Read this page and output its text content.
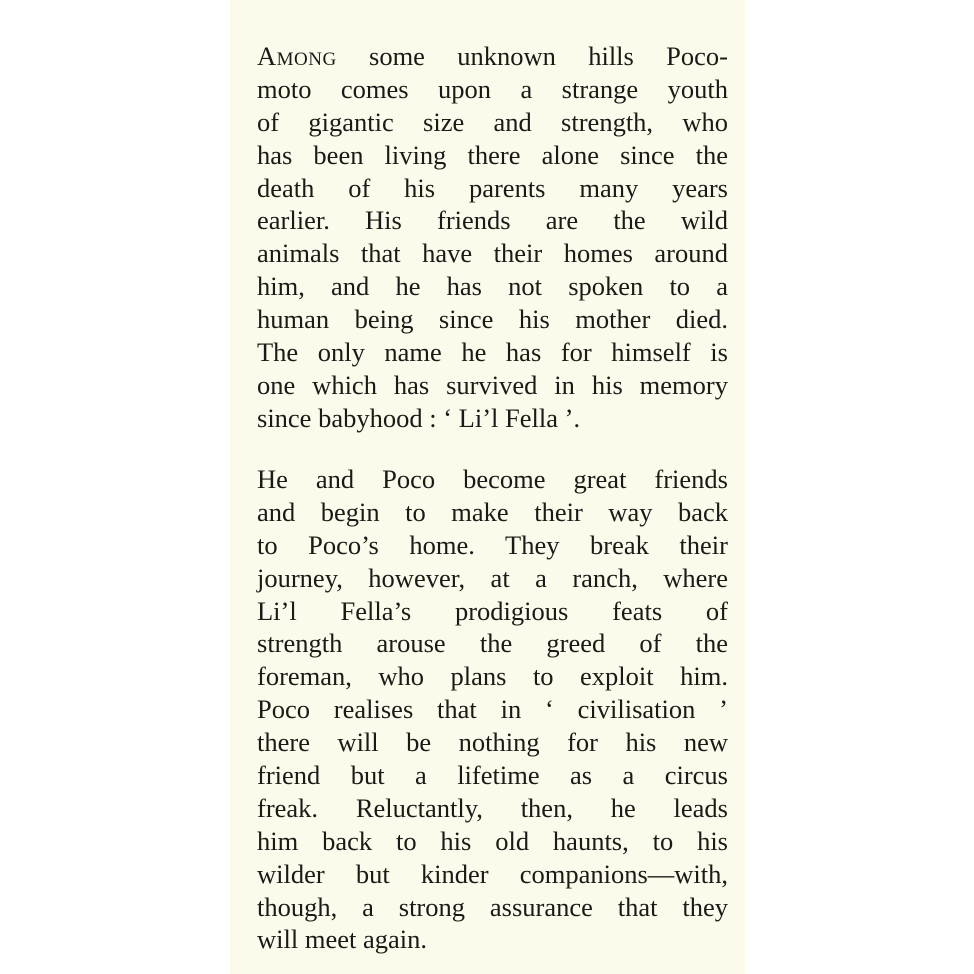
Among some unknown hills Poco-
moto comes upon a strange youth
of gigantic size and strength, who
has been living there alone since the
death of his parents many years
earlier. His friends are the wild
animals that have their homes around
him, and he has not spoken to a
human being since his mother died.
The only name he has for himself is
one which has survived in his memory
since babyhood : ‘ Li’l Fella ’.
He and Poco become great friends
and begin to make their way back
to Poco’s home. They break their
journey, however, at a ranch, where
Li’l Fella’s prodigious feats of
strength arouse the greed of the
foreman, who plans to exploit him.
Poco realises that in ‘ civilisation ’
there will be nothing for his new
friend but a lifetime as a circus
freak. Reluctantly, then, he leads
him back to his old haunts, to his
wilder but kinder companions—with,
though, a strong assurance that they
will meet again.
